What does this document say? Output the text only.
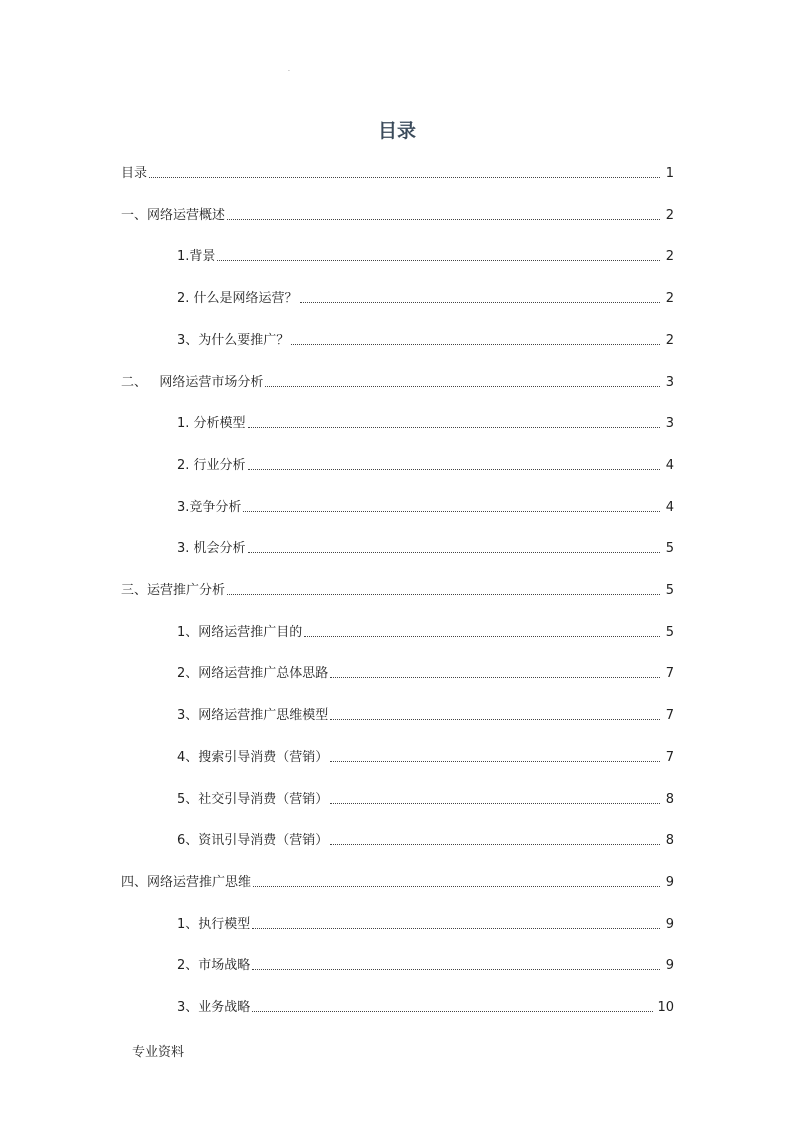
.
目录
目录	1
一、网络运营概述	2
1.背景	2
2. 什么是网络运营？	2
3、为什么要推广？	2
二、   网络运营市场分析	3
1. 分析模型	3
2. 行业分析	4
3.竞争分析	4
3. 机会分析	5
三、运营推广分析	5
1、网络运营推广目的	5
2、网络运营推广总体思路	7
3、网络运营推广思维模型	7
4、搜索引导消费（营销）	7
5、社交引导消费（营销）	8
6、资讯引导消费（营销）	8
四、网络运营推广思维	9
1、执行模型	9
2、市场战略	9
3、业务战略	10
专业资料
